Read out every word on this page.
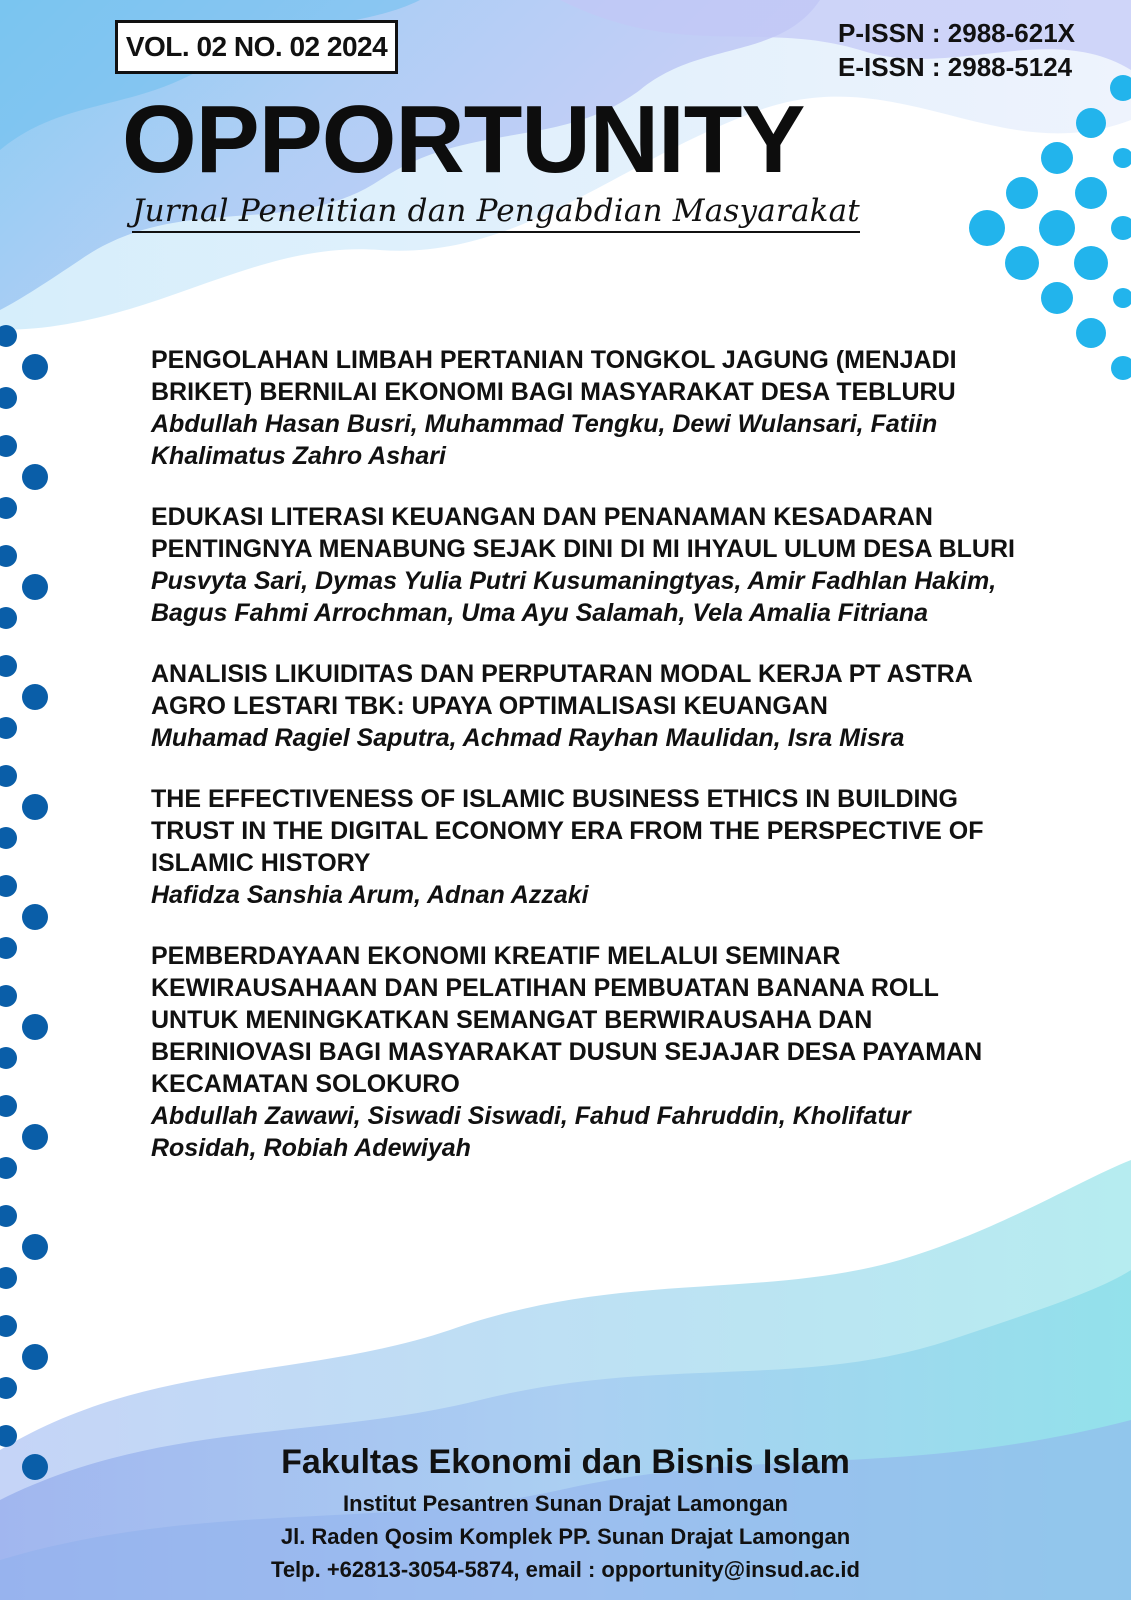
VOL. 02 NO. 02 2024	P-ISSN : 2988-621X
E-ISSN : 2988-5124
OPPORTUNITY
Jurnal Penelitian dan Pengabdian Masyarakat
PENGOLAHAN LIMBAH PERTANIAN TONGKOL JAGUNG (MENJADI BRIKET) BERNILAI EKONOMI BAGI MASYARAKAT DESA TEBLURU
Abdullah Hasan Busri, Muhammad Tengku, Dewi Wulansari, Fatiin Khalimatus Zahro Ashari
EDUKASI LITERASI KEUANGAN DAN PENANAMAN KESADARAN PENTINGNYA MENABUNG SEJAK DINI DI MI IHYAUL ULUM DESA BLURI
Pusvyta Sari, Dymas Yulia Putri Kusumaningtyas, Amir Fadhlan Hakim, Bagus Fahmi Arrochman, Uma Ayu Salamah, Vela Amalia Fitriana
ANALISIS LIKUIDITAS DAN PERPUTARAN MODAL KERJA PT ASTRA AGRO LESTARI TBK: UPAYA OPTIMALISASI KEUANGAN
Muhamad Ragiel Saputra, Achmad Rayhan Maulidan, Isra Misra
THE EFFECTIVENESS OF ISLAMIC BUSINESS ETHICS IN BUILDING TRUST IN THE DIGITAL ECONOMY ERA FROM THE PERSPECTIVE OF ISLAMIC HISTORY
Hafidza Sanshia Arum, Adnan Azzaki
PEMBERDAYAAN EKONOMI KREATIF MELALUI SEMINAR KEWIRAUSAHAAN DAN PELATIHAN PEMBUATAN BANANA ROLL UNTUK MENINGKATKAN SEMANGAT BERWIRAUSAHA DAN BERINIOVASI BAGI MASYARAKAT DUSUN SEJAJAR DESA PAYAMAN KECAMATAN SOLOKURO
Abdullah Zawawi, Siswadi Siswadi, Fahud Fahruddin, Kholifatur Rosidah, Robiah Adewiyah
Fakultas Ekonomi dan Bisnis Islam
Institut Pesantren Sunan Drajat Lamongan
Jl. Raden Qosim Komplek PP. Sunan Drajat Lamongan
Telp. +62813-3054-5874, email : opportunity@insud.ac.id
